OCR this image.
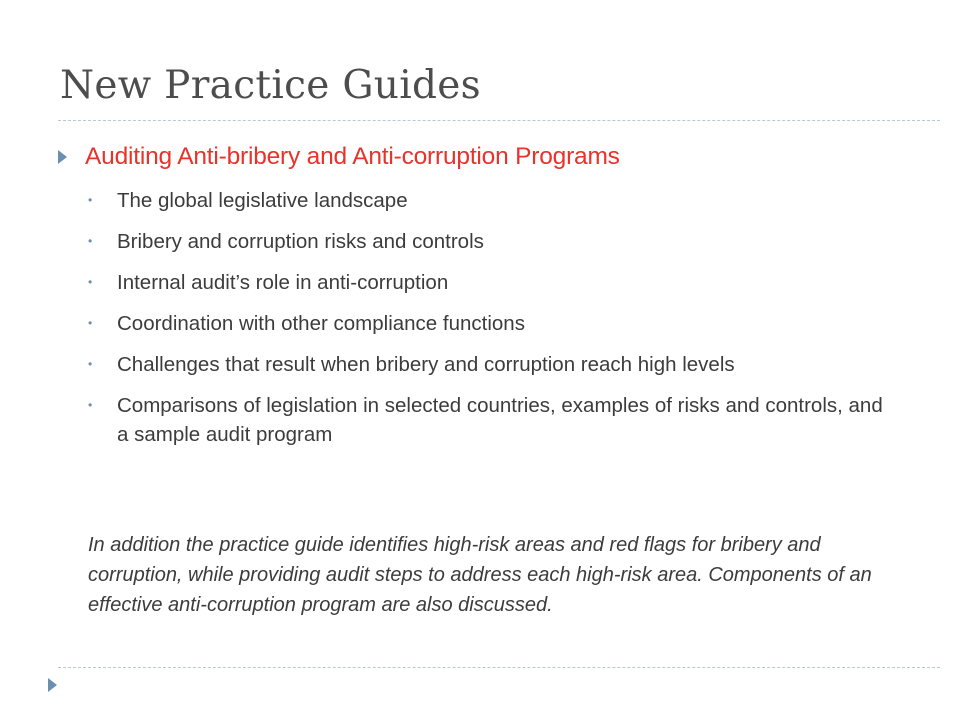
New Practice Guides
Auditing Anti-bribery and Anti-corruption Programs
• The global legislative landscape
• Bribery and corruption risks and controls
• Internal audit’s role in anti-corruption
• Coordination with other compliance functions
• Challenges that result when bribery and corruption reach high levels
• Comparisons of legislation in selected countries, examples of risks and controls, and a sample audit program

In addition the practice guide identifies high-risk areas and red flags for bribery and corruption, while providing audit steps to address each high-risk area. Components of an effective anti-corruption program are also discussed.
